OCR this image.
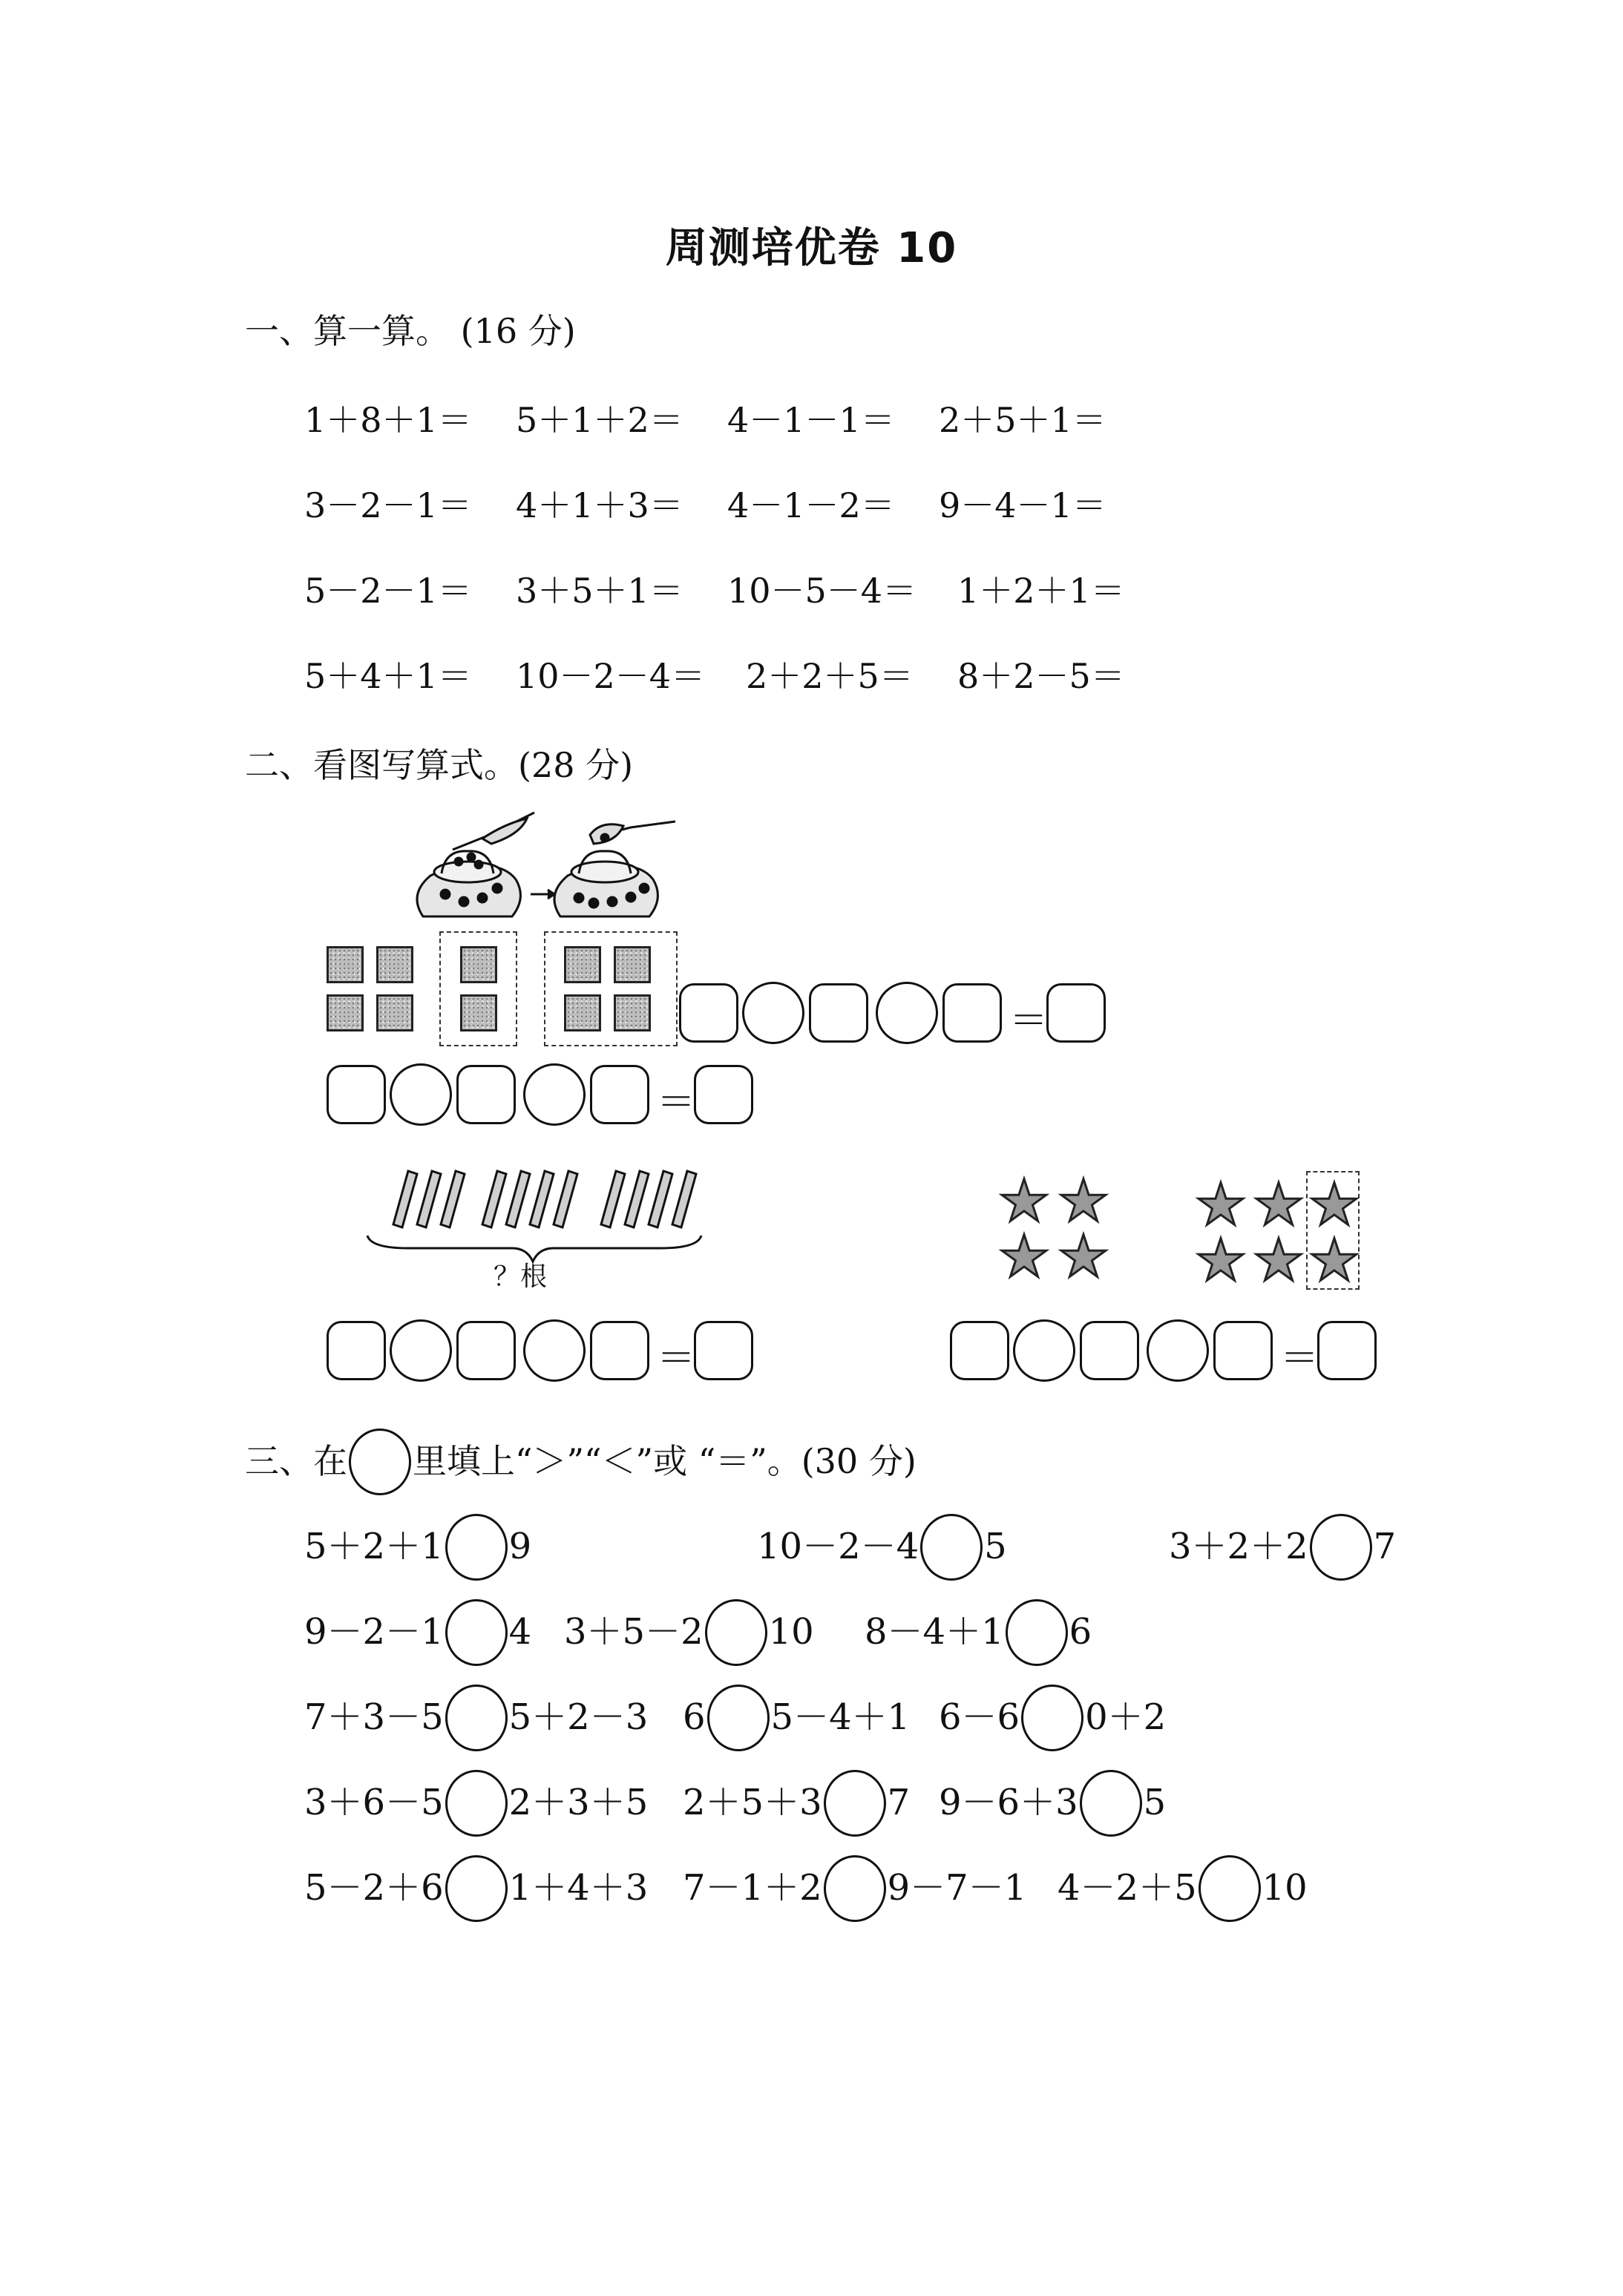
周测培优卷 10
一、算一算。 (16 分)
1＋8＋1＝ 5＋1＋2＝ 4－1－1＝ 2＋5＋1＝
3－2－1＝ 4＋1＋3＝ 4－1－2＝ 9－4－1＝
5－2－1＝ 3＋5＋1＝ 10－5－4＝ 1＋2＋1＝
5＋4＋1＝ 10－2－4＝ 2＋2＋5＝ 8＋2－5＝
二、看图写算式。(28 分)
＝
＝
？根
＝
★ ★
★ ★
★ ★
★ ★
★
★
＝
三、在 里填上“＞”“＜”或 “＝”。(30 分)
5＋2＋1 9	10－2－4 5	3＋2＋2 7
9－2－1 4 3＋5－2 10 8－4＋1 6
7＋3－5 5＋2－3 6 5－4＋1 6－6 0＋2
3＋6－5 2＋3＋5 2＋5＋3 7 9－6＋3 5
5－2＋6 1＋4＋3 7－1＋2 9－7－1 4－2＋5 10
